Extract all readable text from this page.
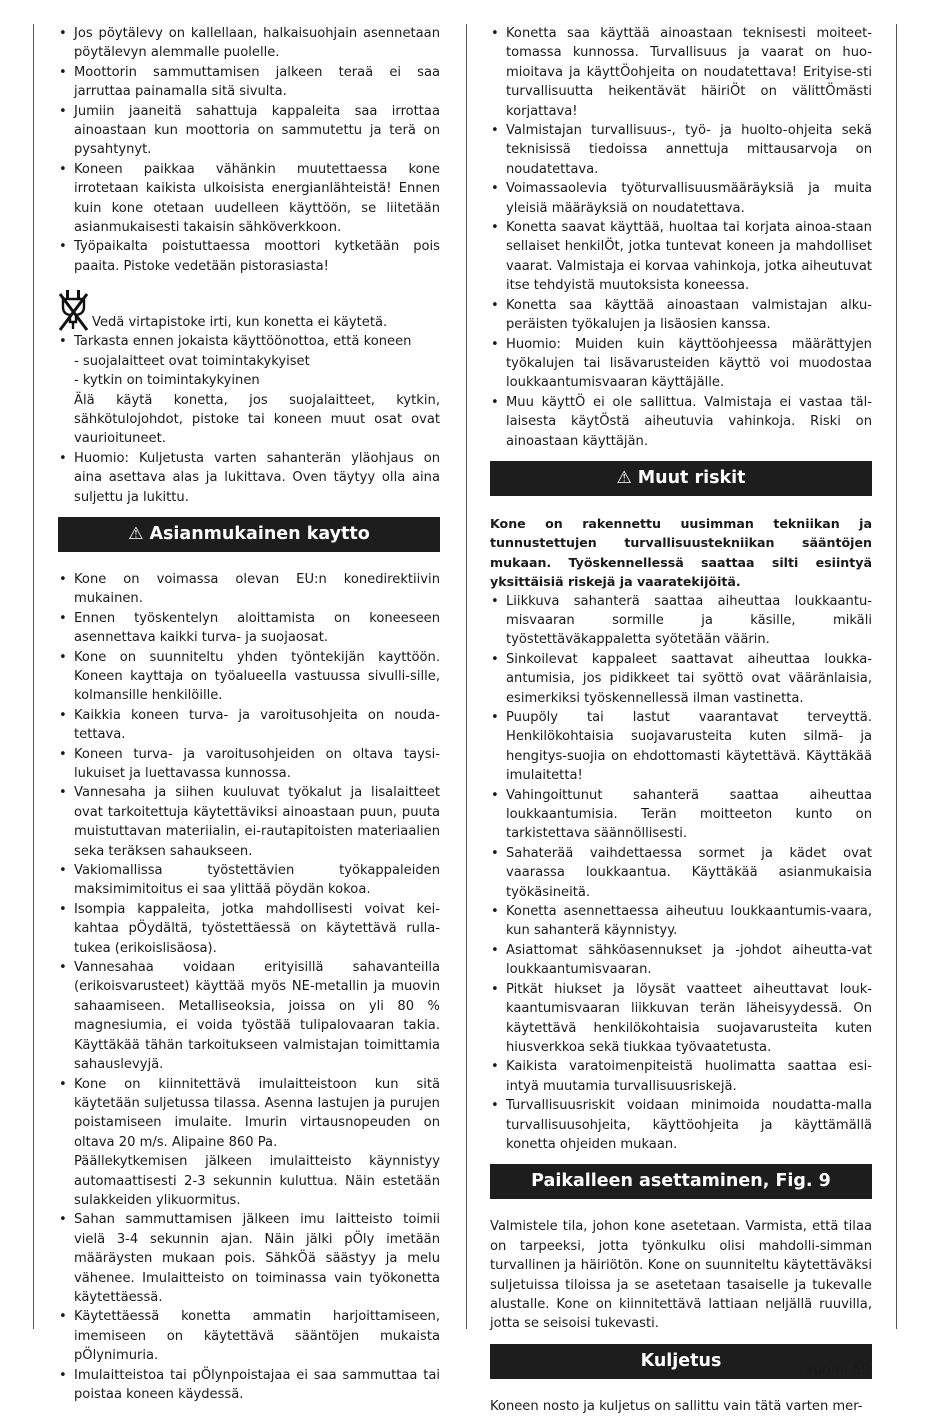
• Jos pöytälevy on kallellaan, halkaisuohjain asennetaan pöytälevyn alemmalle puolelle.
• Moottorin sammuttamisen jalkeen teraä ei saa jarruttaa painamalla sitä sivulta.
• Jumiin jaaneitä sahattuja kappaleita saa irrottaa ainoastaan kun moottoria on sammutettu ja terä on pysahtynyt.
• Koneen paikkaa vähänkin muutettaessa kone irrotetaan kaikista ulkoisista energianlähteistä! Ennen kuin kone otetaan uudelleen käyttöön, se liitetään asianmukaisesti takaisin sähköverkkoon.
• Työpaikalta poistuttaessa moottori kytketään pois paaita. Pistoke vedetään pistorasiasta!
Vedä virtapistoke irti, kun konetta ei käytetä.
• Tarkasta ennen jokaista käyttöönottoa, että koneen
- suojalaitteet ovat toimintakykyiset
- kytkin on toimintakykyinen
Älä käytä konetta, jos suojalaitteet, kytkin, sähkötulojohdot, pistoke tai koneen muut osat ovat vaurioituneet.
• Huomio: Kuljetusta varten sahanterän yläohjaus on aina asettava alas ja lukittava. Oven täytyy olla aina suljettu ja lukittu.
⚠ Asianmukainen kaytto
• Kone on voimassa olevan EU:n konedirektiivin mukainen.
• Ennen työskentelyn aloittamista on koneeseen asennettava kaikki turva- ja suojaosat.
• Kone on suunniteltu yhden työntekijän kayttöön. Koneen kayttaja on työalueella vastuussa sivulli-sille, kolmansille henkilöille.
• Kaikkia koneen turva- ja varoitusohjeita on nouda-tettava.
• Koneen turva- ja varoitusohjeiden on oltava taysi-lukuiset ja luettavassa kunnossa.
• Vannesaha ja siihen kuuluvat työkalut ja lisalaitteet ovat tarkoitettuja käytettäviksi ainoastaan puun, puuta muistuttavan materiialin, ei-rautapitoisten materiaalien seka teräksen sahaukseen.
• Vakiomallissa työstettävien työkappaleiden maksimimitoitus ei saa ylittää pöydän kokoa.
• Isompia kappaleita, jotka mahdollisesti voivat kei-kahtaa pÖydältä, työstettäessä on käytettävä rulla-tukea (erikoislisäosa).
• Vannesahaa voidaan erityisillä sahavanteilla (erikoisvarusteet) käyttää myös NE-metallin ja muovin sahaamiseen. Metalliseoksia, joissa on yli 80 % magnesiumia, ei voida työstää tulipalovaaran takia. Käyttäkää tähän tarkoitukseen valmistajan toimittamia sahauslevyjä.
• Kone on kiinnitettävä imulaitteistoon kun sitä käytetään suljetussa tilassa. Asenna lastujen ja purujen poistamiseen imulaite. Imurin virtausnopeuden on oltava 20 m/s. Alipaine 860 Pa.
Päällekytkemisen jälkeen imulaitteisto käynnistyy automaattisesti 2-3 sekunnin kuluttua. Näin estetään sulakkeiden ylikuormitus.
• Sahan sammuttamisen jälkeen imu laitteisto toimii vielä 3-4 sekunnin ajan. Näin jälki pÖly imetään määräysten mukaan pois. SähkÖä säästyy ja melu vähenee. Imulaitteisto on toiminassa vain työkonetta käytettäessä.
• Käytettäessä konetta ammatin harjoittamiseen, imemiseen on käytettävä sääntöjen mukaista pÖlynimuria.
• Imulaitteistoa tai pÖlynpoistajaa ei saa sammuttaa tai poistaa koneen käydessä.
• Konetta saa käyttää ainoastaan teknisesti moiteet-tomassa kunnossa. Turvallisuus ja vaarat on huo-mioitava ja käyttÖohjeita on noudatettava! Erityise-sti turvallisuutta heikentävät häiriÖt on välittÖmästi korjattava!
• Valmistajan turvallisuus-, työ- ja huolto-ohjeita sekä teknisissä tiedoissa annettuja mittausarvoja on noudatettava.
• Voimassaolevia työturvallisuusmääräyksiä ja muita yleisiä määräyksiä on noudatettava.
• Konetta saavat käyttää, huoltaa tai korjata ainoa-staan sellaiset henkilÖt, jotka tuntevat koneen ja mahdolliset vaarat. Valmistaja ei korvaa vahinkoja, jotka aiheutuvat itse tehdyistä muutoksista koneessa.
• Konetta saa käyttää ainoastaan valmistajan alku-peräisten työkalujen ja lisäosien kanssa.
• Huomio: Muiden kuin käyttöohjeessa määrättyjen työkalujen tai lisävarusteiden käyttö voi muodostaa loukkaantumisvaaran käyttäjälle.
• Muu käyttÖ ei ole sallittua. Valmistaja ei vastaa täl- laisesta käytÖstä aiheutuvia vahinkoja. Riski on ainoastaan käyttäjän.
⚠ Muut riskit
Kone on rakennettu uusimman tekniikan ja tunnustettujen turvallisuustekniikan sääntöjen mukaan. Työskennellessä saattaa silti esiintyä yksittäisiä riskejä ja vaaratekijöitä.
• Liikkuva sahanterä saattaa aiheuttaa loukkaantu-misvaaran sormille ja käsille, mikäli työstettäväkappaletta syötetään väärin.
• Sinkoilevat kappaleet saattavat aiheuttaa loukka-antumisia, jos pidikkeet tai syöttö ovat vääränlaisia, esimerkiksi työskennellessä ilman vastinetta.
• Puupöly tai lastut vaarantavat terveyttä. Henkilökohtaisia suojavarusteita kuten silmä- ja hengitys-suojia on ehdottomasti käytettävä. Käyttäkää imulaitetta!
• Vahingoittunut sahanterä saattaa aiheuttaa loukkaantumisia. Terän moitteeton kunto on tarkistettava säännöllisesti.
• Sahaterää vaihdettaessa sormet ja kädet ovat vaarassa loukkaantua. Käyttäkää asianmukaisia työkäsineitä.
• Konetta asennettaessa aiheutuu loukkaantumis-vaara, kun sahanterä käynnistyy.
• Asiattomat sähköasennukset ja -johdot aiheutta-vat loukkaantumisvaaran.
• Pitkät hiukset ja löysät vaatteet aiheuttavat louk-kaantumisvaaran liikkuvan terän läheisyydessä. On käytettävä henkilökohtaisia suojavarusteita kuten hiusverkkoa sekä tiukkaa työvaatetusta.
• Kaikista varatoimenpiteistä huolimatta saattaa esi-intyä muutamia turvallisuusriskejä.
• Turvallisuusriskit voidaan minimoida noudatta-malla turvallisuusohjeita, käyttöohjeita ja käyttämällä konetta ohjeiden mukaan.
Paikalleen asettaminen, Fig. 9
Valmistele tila, johon kone asetetaan. Varmista, että tilaa on tarpeeksi, jotta työnkulku olisi mahdolli-simman turvallinen ja häiriötön. Kone on suunniteltu käytettäväksi suljetuissa tiloissa ja se asetetaan tasaiselle ja tukevalle alustalle. Kone on kiinnitettävä lattiaan neljällä ruuvilla, jotta se seisoisi tukevasti.
Kuljetus
Koneen nosto ja kuljetus on sallittu vain tätä varten mer-
suomi 59
